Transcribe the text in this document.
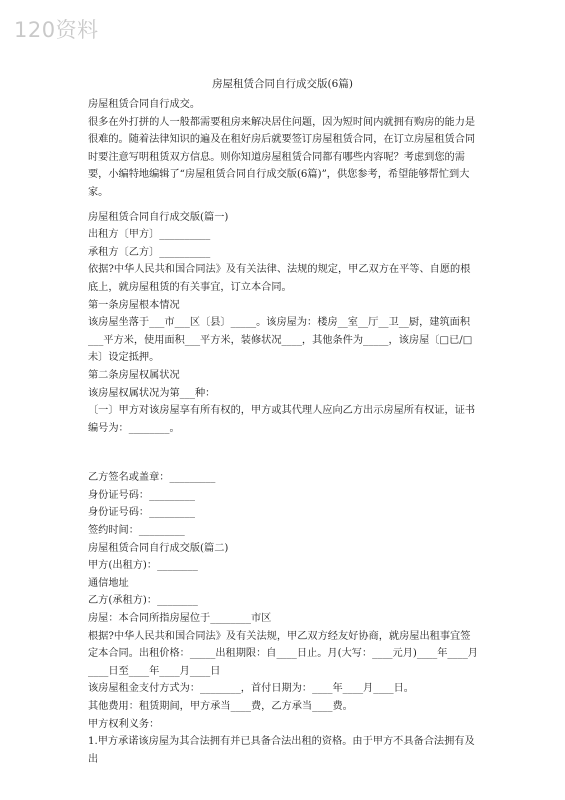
120资料
房屋租赁合同自行成交版(6篇)

房屋租赁合同自行成交。

很多在外打拼的人一般都需要租房来解决居住问题，因为短时间内就拥有购房的能力是很难的。随着法律知识的遍及在租好房后就要签订房屋租赁合同，在订立房屋租赁合同时要注意写明租赁双方信息。则你知道房屋租赁合同都有哪些内容呢？考虑到您的需要，小编特地编辑了“房屋租赁合同自行成交版(6篇)”，供您参考，希望能够帮忙到大家。

房屋租赁合同自行成交版(篇一)

出租方〔甲方〕__________

承租方〔乙方〕__________

依据?中华人民共和国合同法》及有关法律、法规的规定，甲乙双方在平等、自愿的根底上，就房屋租赁的有关事宜，订立本合同。

第一条房屋根本情况

该房屋坐落于___市___区〔县〕_____。该房屋为：楼房__室__厅__卫__厨，建筑面积___平方米，使用面积___平方米，装修状况____，其他条件为_____，该房屋〔□已/□未〕设定抵押。

第二条房屋权属状况

该房屋权属状况为第___种：

〔一〕甲方对该房屋享有所有权的，甲方或其代理人应向乙方出示房屋所有权证，证书编号为：________。

乙方签名或盖章：_________

身份证号码：_________

身份证号码：_________

签约时间：_________

房屋租赁合同自行成交版(篇二)

甲方(出租方)：________

通信地址

乙方(承租方)：________

房屋：本合同所指房屋位于________市区

根据?中华人民共和国合同法》及有关法规，甲乙双方经友好协商，就房屋出租事宜签定本合同。出租价格：_____出租期限：自____日止。月(大写：____元月)____年____月____日至____年____月____日

该房屋租金支付方式为：________，首付日期为：____年____月____日。

其他费用：租赁期间，甲方承当____费，乙方承当____费。

甲方权利义务：

1.甲方承诺该房屋为其合法拥有并已具备合法出租的资格。由于甲方不具备合法拥有及出
